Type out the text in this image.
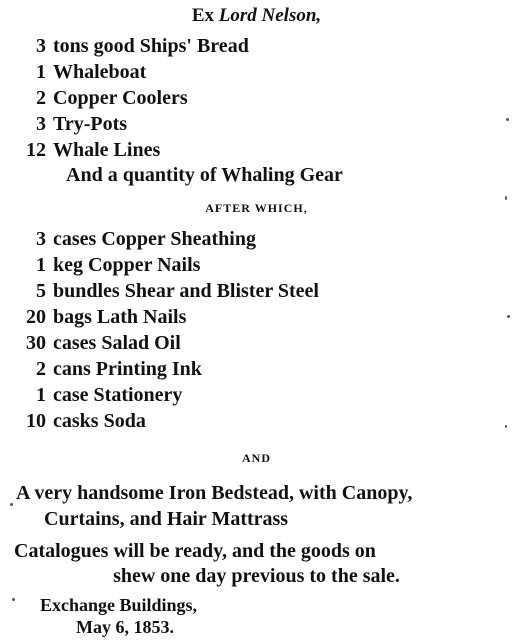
Ex Lord Nelson,
3 tons good Ships' Bread
1 Whaleboat
2 Copper Coolers
3 Try-Pots
12 Whale Lines
And a quantity of Whaling Gear
AFTER WHICH,
3 cases Copper Sheathing
1 keg Copper Nails
5 bundles Shear and Blister Steel
20 bags Lath Nails
30 cases Salad Oil
2 cans Printing Ink
1 case Stationery
10 casks Soda
AND
A very handsome Iron Bedstead, with Canopy,
Curtains, and Hair Mattrass
Catalogues will be ready, and the goods on
shew one day previous to the sale.
Exchange Buildings,
May 6, 1853.
